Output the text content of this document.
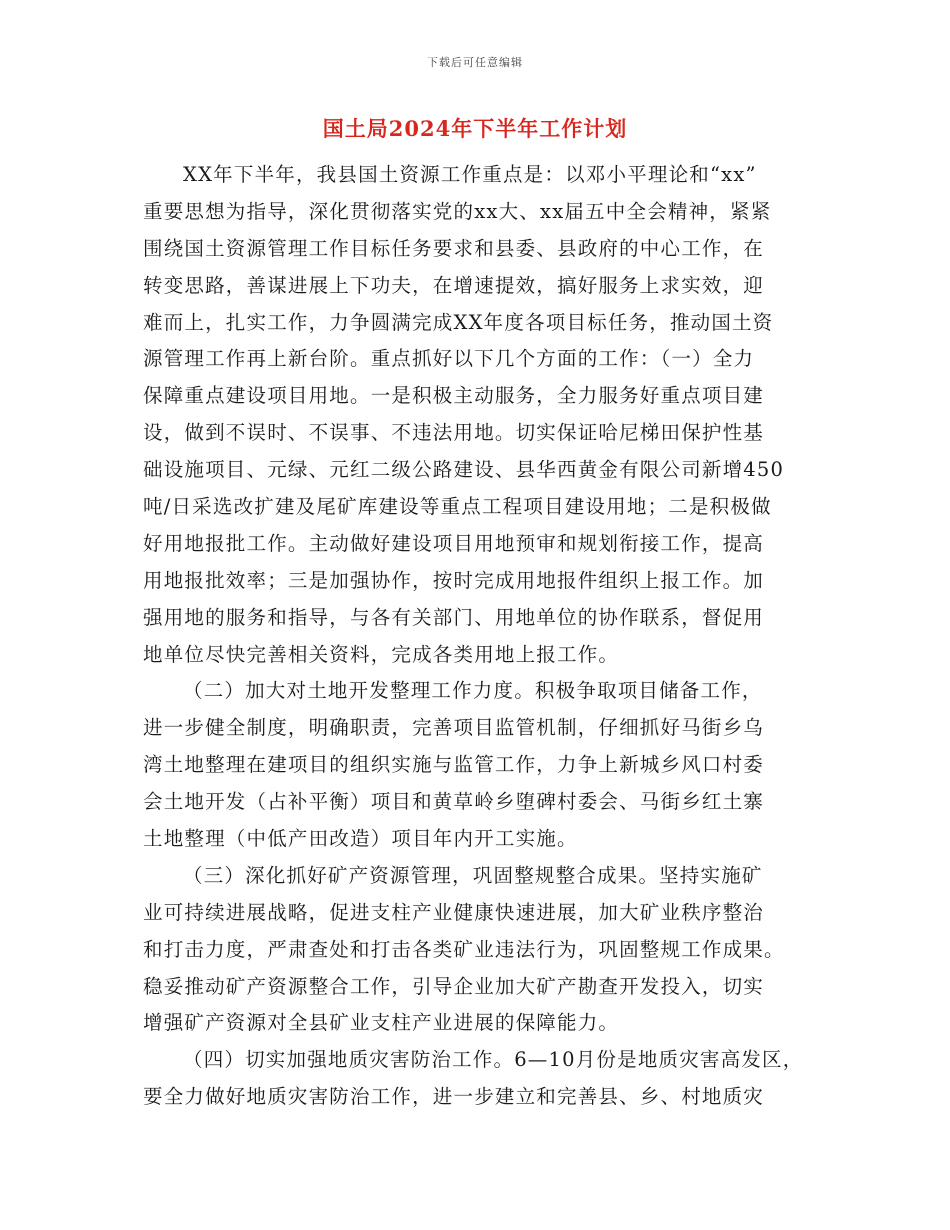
下载后可任意编辑
国土局2024年下半年工作计划
XX年下半年，我县国土资源工作重点是：以邓小平理论和“xx”
重要思想为指导，深化贯彻落实党的xx大、xx届五中全会精神，紧紧
围绕国土资源管理工作目标任务要求和县委、县政府的中心工作，在
转变思路，善谋进展上下功夫，在增速提效，搞好服务上求实效，迎
难而上，扎实工作，力争圆满完成XX年度各项目标任务，推动国土资
源管理工作再上新台阶。重点抓好以下几个方面的工作：（一）全力
保障重点建设项目用地。一是积极主动服务，全力服务好重点项目建
设，做到不误时、不误事、不违法用地。切实保证哈尼梯田保护性基
础设施项目、元绿、元红二级公路建设、县华西黄金有限公司新增450
吨/日采选改扩建及尾矿库建设等重点工程项目建设用地；二是积极做
好用地报批工作。主动做好建设项目用地预审和规划衔接工作，提高
用地报批效率；三是加强协作，按时完成用地报件组织上报工作。加
强用地的服务和指导，与各有关部门、用地单位的协作联系，督促用
地单位尽快完善相关资料，完成各类用地上报工作。
（二）加大对土地开发整理工作力度。积极争取项目储备工作，
进一步健全制度，明确职责，完善项目监管机制，仔细抓好马街乡乌
湾土地整理在建项目的组织实施与监管工作，力争上新城乡风口村委
会土地开发（占补平衡）项目和黄草岭乡堕碑村委会、马街乡红土寨
土地整理（中低产田改造）项目年内开工实施。
（三）深化抓好矿产资源管理，巩固整规整合成果。坚持实施矿
业可持续进展战略，促进支柱产业健康快速进展，加大矿业秩序整治
和打击力度，严肃查处和打击各类矿业违法行为，巩固整规工作成果。
稳妥推动矿产资源整合工作，引导企业加大矿产勘查开发投入，切实
增强矿产资源对全县矿业支柱产业进展的保障能力。
（四）切实加强地质灾害防治工作。6—10月份是地质灾害高发区，
要全力做好地质灾害防治工作，进一步建立和完善县、乡、村地质灾
